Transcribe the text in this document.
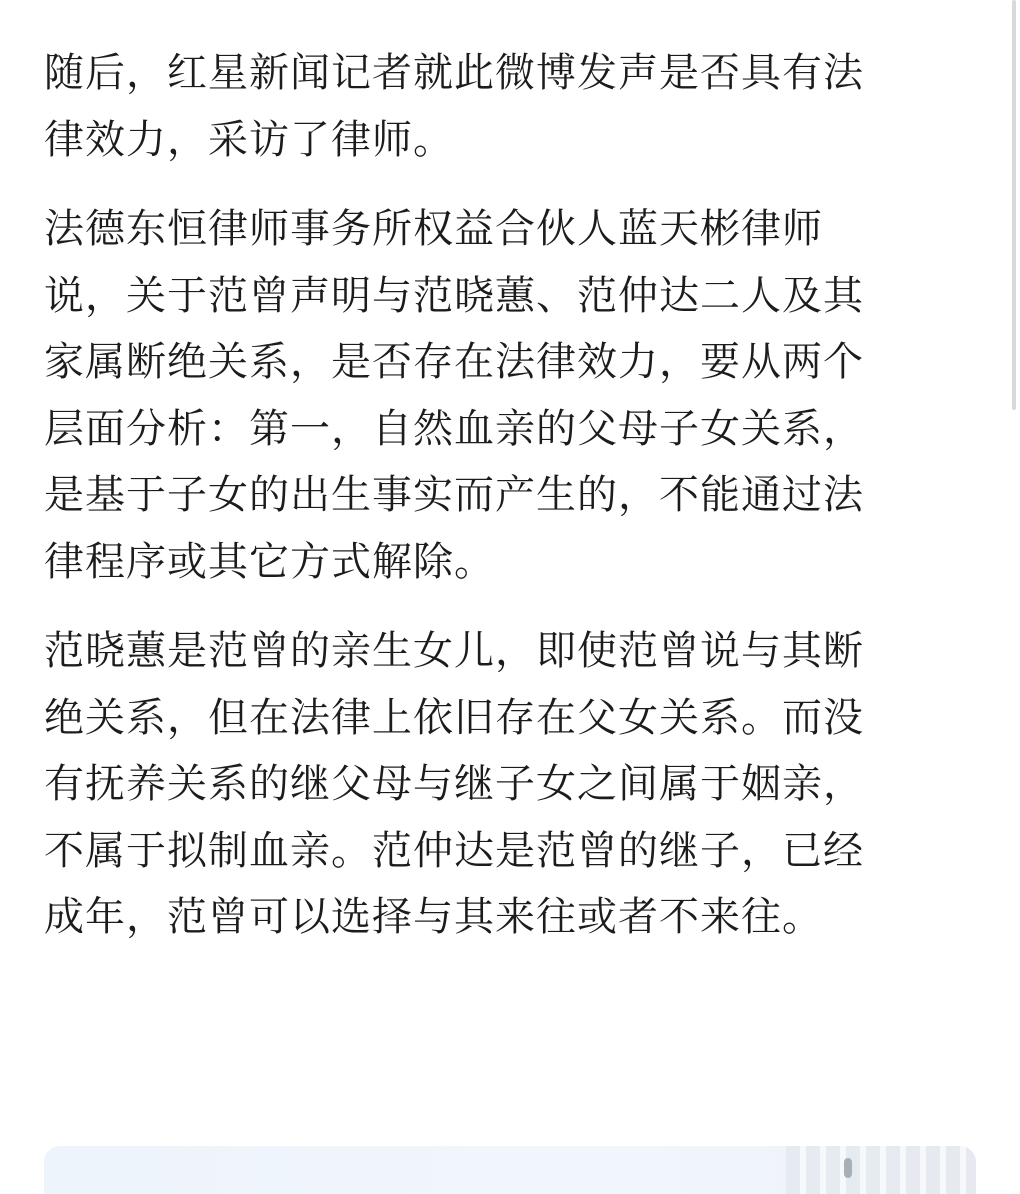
随后，红星新闻记者就此微博发声是否具有法
律效力，采访了律师。

法德东恒律师事务所权益合伙人蓝天彬律师
说，关于范曾声明与范晓蕙、范仲达二人及其
家属断绝关系，是否存在法律效力，要从两个
层面分析：第一，自然血亲的父母子女关系，
是基于子女的出生事实而产生的，不能通过法
律程序或其它方式解除。

范晓蕙是范曾的亲生女儿，即使范曾说与其断
绝关系，但在法律上依旧存在父女关系。而没
有抚养关系的继父母与继子女之间属于姻亲，
不属于拟制血亲。范仲达是范曾的继子，已经
成年，范曾可以选择与其来往或者不来往。
